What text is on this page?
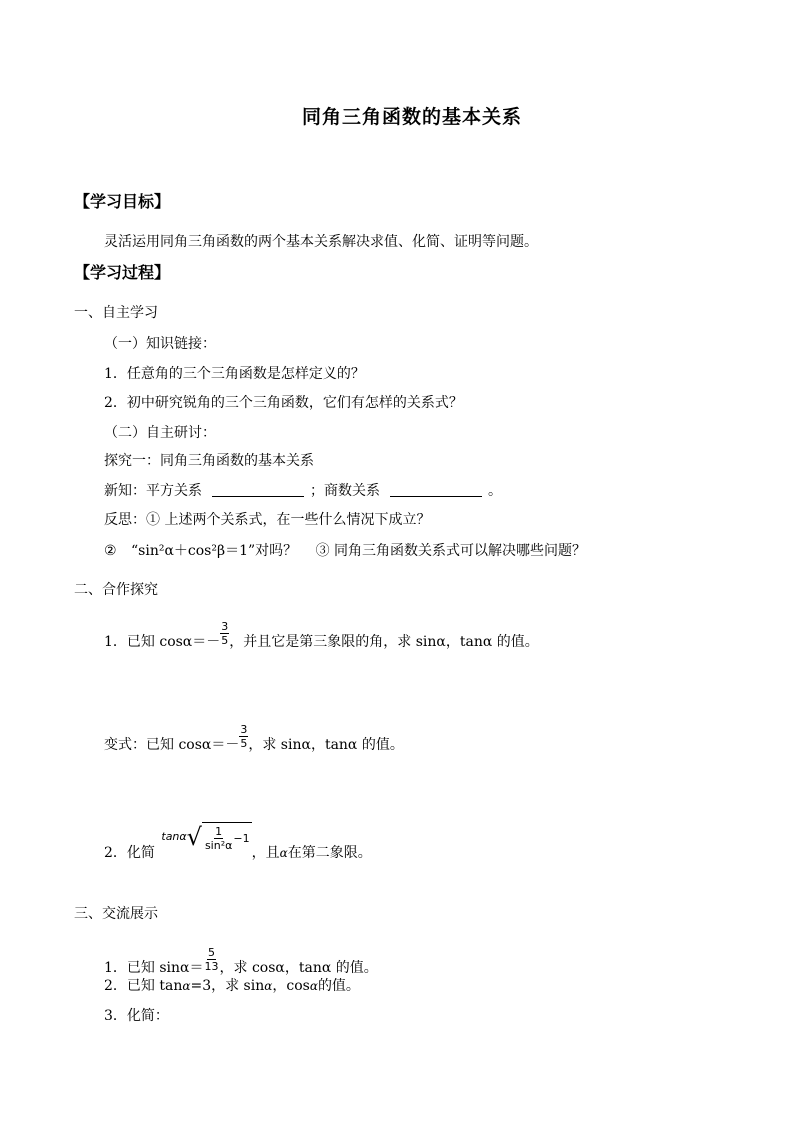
同角三角函数的基本关系
【学习目标】
灵活运用同角三角函数的两个基本关系解决求值、化简、证明等问题。
【学习过程】
一、自主学习
（一）知识链接：
1．任意角的三个三角函数是怎样定义的？
2．初中研究锐角的三个三角函数，它们有怎样的关系式？
（二）自主研讨：
探究一：同角三角函数的基本关系
新知：平方关系	；商数关系	。
反思：① 上述两个关系式，在一些什么情况下成立？
② “sin²α＋cos²β＝1”对吗？ ③ 同角三角函数关系式可以解决哪些问题？
二、合作探究
1．已知 $\cos\alpha=- \frac{3}{5}$ ，并且它是第三象限的角，求 sinα，tanα 的值。
变式：已知 $\cos\alpha=- \frac{3}{5}$ ，求 sinα，tanα 的值。
2．化简
tanα √ $\frac{1}{\text{sin²α}} -1$
，且α在第二象限。
三、交流展示
1．已知 $\sin\alpha= \frac{5}{13}$ ，求 cosα，tanα 的值。
2．已知 tanα=3，求 sinα，cosα的值。
3．化简：
